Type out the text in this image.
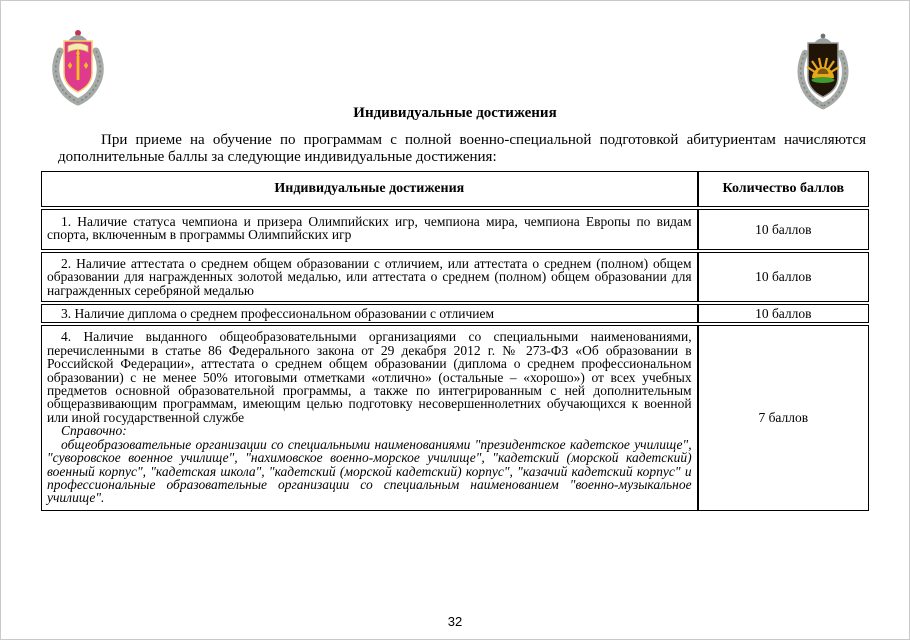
Индивидуальные достижения
При приеме на обучение по программам с полной военно-специальной подготовкой абитуриентам начисляются дополнительные баллы за следующие индивидуальные достижения:
Индивидуальные достижения	Количество баллов

1. Наличие статуса чемпиона и призера Олимпийских игр, чемпиона мира, чемпиона Европы по видам спорта, включенным в программы Олимпийских игр	10 баллов

2. Наличие аттестата о среднем общем образовании с отличием, или аттестата о среднем (полном) общем образовании для награжденных золотой медалью, или аттестата о среднем (полном) общем образовании для награжденных серебряной медалью	10 баллов

3. Наличие диплома о среднем профессиональном образовании с отличием	10 баллов

4. Наличие выданного общеобразовательными организациями со специальными наименованиями, перечисленными в статье 86 Федерального закона от 29 декабря 2012 г. № 273-ФЗ «Об образовании в Российской Федерации», аттестата о среднем общем образовании (диплома о среднем профессиональном образовании) с не менее 50% итоговыми отметками «отлично» (остальные – «хорошо») от всех учебных предметов основной образовательной программы, а также по интегрированным с ней дополнительным общеразвивающим программам, имеющим целью подготовку несовершеннолетних обучающихся к военной или иной государственной службе

Справочно:

общеобразовательные организации со специальными наименованиями "президентское кадетское училище", "суворовское военное училище", "нахимовское военно-морское училище", "кадетский (морской кадетский) военный корпус", "кадетская школа", "кадетский (морской кадетский) корпус", "казачий кадетский корпус" и профессиональные образовательные организации со специальным наименованием "военно-музыкальное училище".	7 баллов
32
